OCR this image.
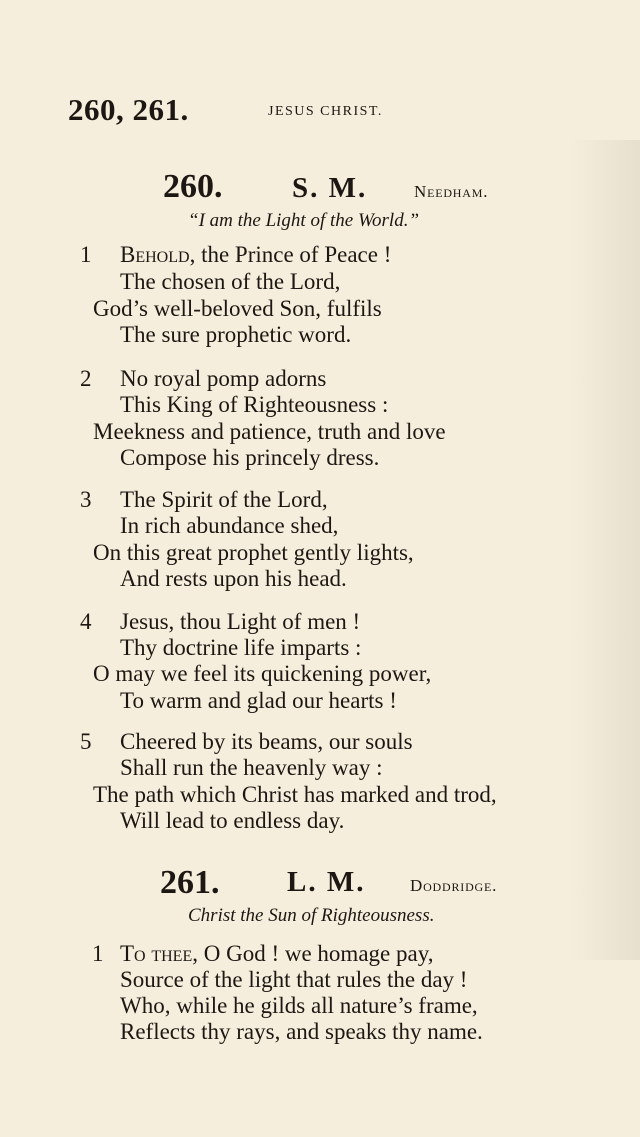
260, 261.	JESUS CHRIST.
260. S. M.	Needham.
“I am the Light of the World.”
1 Behold, the Prince of Peace !
The chosen of the Lord,
God’s well-beloved Son, fulfils
The sure prophetic word.
2 No royal pomp adorns
This King of Righteousness :
Meekness and patience, truth and love
Compose his princely dress.
3 The Spirit of the Lord,
In rich abundance shed,
On this great prophet gently lights,
And rests upon his head.
4 Jesus, thou Light of men !
Thy doctrine life imparts :
O may we feel its quickening power,
To warm and glad our hearts !
5 Cheered by its beams, our souls
Shall run the heavenly way :
The path which Christ has marked and trod,
Will lead to endless day.
261. L. M.	Doddridge.
Christ the Sun of Righteousness.
1 To thee, O God ! we homage pay,
Source of the light that rules the day !
Who, while he gilds all nature’s frame,
Reflects thy rays, and speaks thy name.
